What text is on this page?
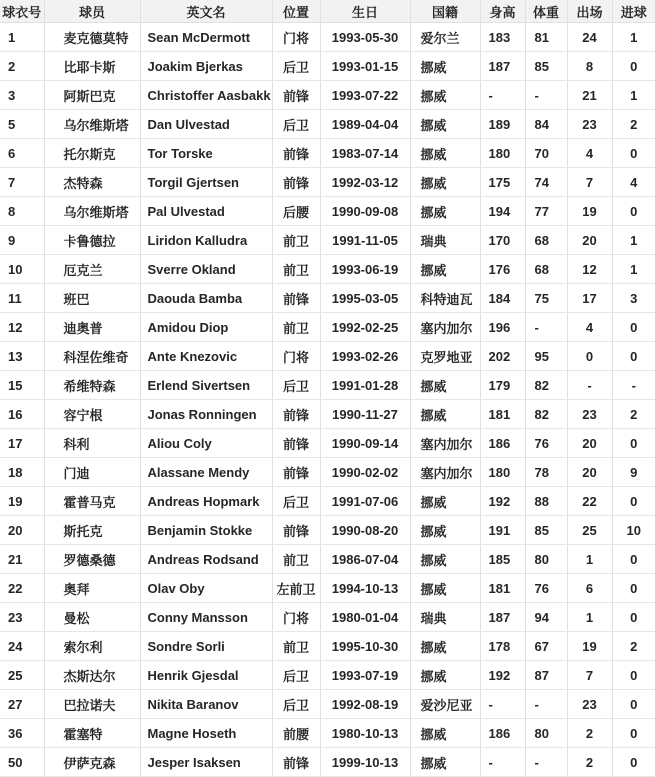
球衣号	球员	英文名	位置	生日	国籍	身高	体重	出场	进球
1	麦克德莫特	Sean McDermott	门将	1993-05-30	爱尔兰	183	81	24	1
2	比耶卡斯	Joakim Bjerkas	后卫	1993-01-15	挪威	187	85	8	0
3	阿斯巴克	Christoffer Aasbakk	前锋	1993-07-22	挪威	-	-	21	1
5	乌尔维斯塔	Dan Ulvestad	后卫	1989-04-04	挪威	189	84	23	2
6	托尔斯克	Tor Torske	前锋	1983-07-14	挪威	180	70	4	0
7	杰特森	Torgil Gjertsen	前锋	1992-03-12	挪威	175	74	7	4
8	乌尔维斯塔	Pal Ulvestad	后腰	1990-09-08	挪威	194	77	19	0
9	卡鲁德拉	Liridon Kalludra	前卫	1991-11-05	瑞典	170	68	20	1
10	厄克兰	Sverre Okland	前卫	1993-06-19	挪威	176	68	12	1
11	班巴	Daouda Bamba	前锋	1995-03-05	科特迪瓦	184	75	17	3
12	迪奥普	Amidou Diop	前卫	1992-02-25	塞内加尔	196	-	4	0
13	科涅佐维奇	Ante Knezovic	门将	1993-02-26	克罗地亚	202	95	0	0
15	希维特森	Erlend Sivertsen	后卫	1991-01-28	挪威	179	82	-	-
16	容宁根	Jonas Ronningen	前锋	1990-11-27	挪威	181	82	23	2
17	科利	Aliou Coly	前锋	1990-09-14	塞内加尔	186	76	20	0
18	门迪	Alassane Mendy	前锋	1990-02-02	塞内加尔	180	78	20	9
19	霍普马克	Andreas Hopmark	后卫	1991-07-06	挪威	192	88	22	0
20	斯托克	Benjamin Stokke	前锋	1990-08-20	挪威	191	85	25	10
21	罗德桑德	Andreas Rodsand	前卫	1986-07-04	挪威	185	80	1	0
22	奥拜	Olav Oby	左前卫	1994-10-13	挪威	181	76	6	0
23	曼松	Conny Mansson	门将	1980-01-04	瑞典	187	94	1	0
24	索尔利	Sondre Sorli	前卫	1995-10-30	挪威	178	67	19	2
25	杰斯达尔	Henrik Gjesdal	后卫	1993-07-19	挪威	192	87	7	0
27	巴拉诺夫	Nikita Baranov	后卫	1992-08-19	爱沙尼亚	-	-	23	0
36	霍塞特	Magne Hoseth	前腰	1980-10-13	挪威	186	80	2	0
50	伊萨克森	Jesper Isaksen	前锋	1999-10-13	挪威	-	-	2	0
